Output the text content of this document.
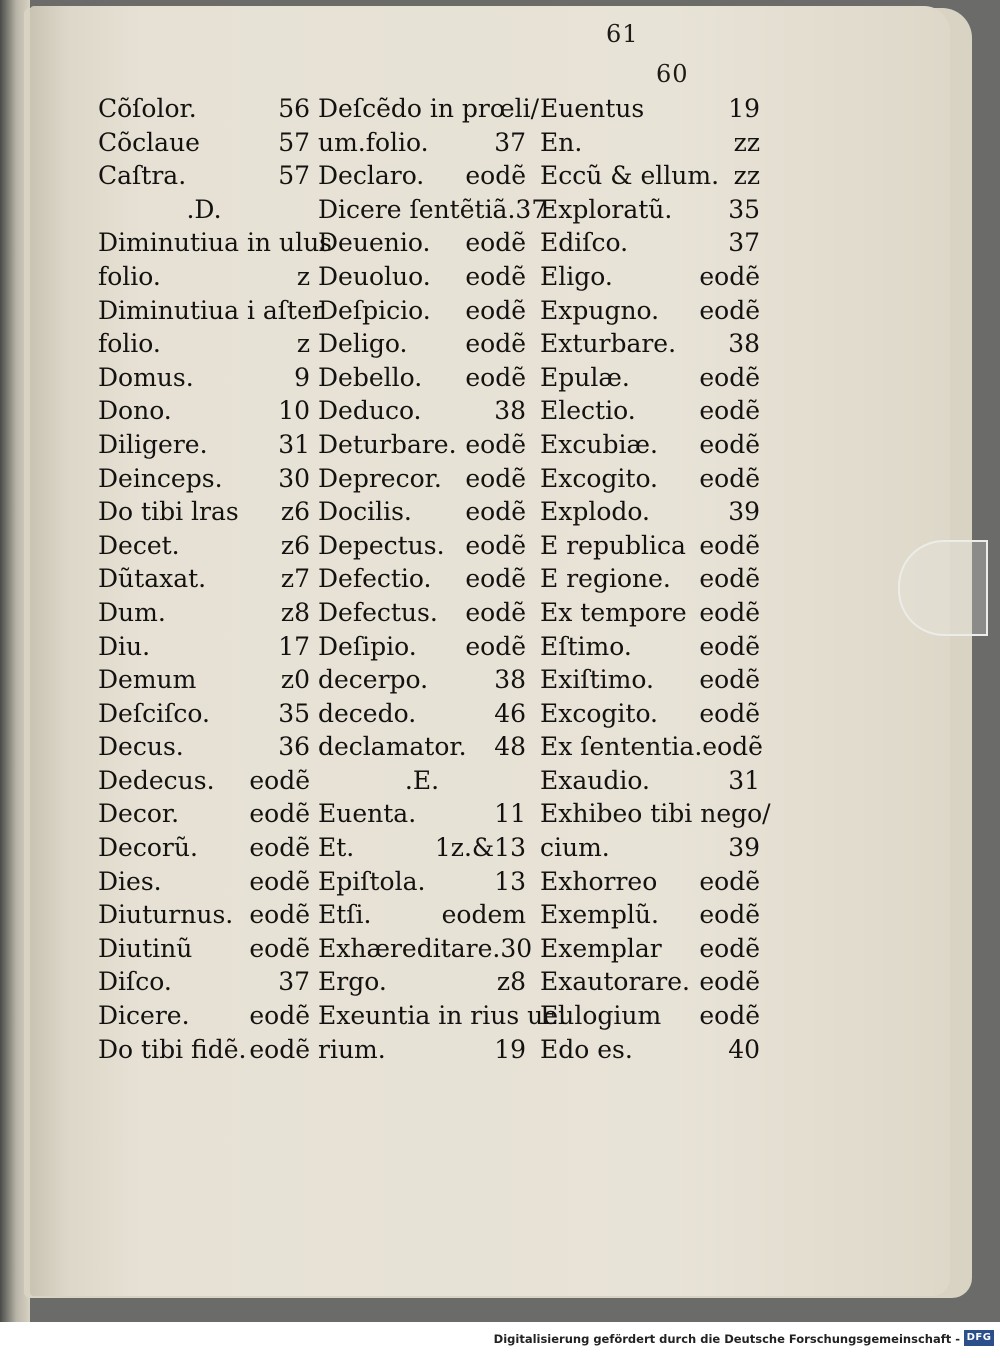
61
60
Cõſolor.	56
Cõclaue	57
Caſtra.	57
.D.
Diminutiua in ulus
folio.	z
Diminutiua i aſter
folio.	z
Domus.	9
Dono.	10
Diligere.	31
Deinceps. 30
Do tibi lras z6
Decet.	z6
Dũtaxat.	z7
Dum.	z8
Diu.	17
Demum	z0
Deſciſco.	35
Decus.	36
Dedecus. eodẽ
Decor.	eodẽ
Decorũ. eodẽ
Dies.	eodẽ
Diuturnus. eodẽ
Diutinũ eodẽ
Diſco.	37
Dicere. eodẽ
Do tibi fidẽ. eodẽ
Deſcẽdo in prœli/
um.folio.	37
Declaro. eodẽ
Dicere ſentẽtiã. 37
Deuenio. eodẽ
Deuoluo. eodẽ
Deſpicio. eodẽ
Deligo. eodẽ
Debello. eodẽ
Deduco.	38
Deturbare. eodẽ
Deprecor. eodẽ
Docilis. eodẽ
Depectus. eodẽ
Defectio. eodẽ
Defectus. eodẽ
Deſipio. eodẽ
decerpo.	38
decedo.	46
declamator. 48
.E.
Euenta.	11
Et.	1z.&13
Epiſtola.	13
Etſi.	eodem
Exhæreditare. 30
Ergo.	z8
Exeuntia in rius uel
rium.	19
Euentus	19
En.	zz
Eccũ & ellum. zz
Exploratũ. 35
Ediſco.	37
Eligo.	eodẽ
Expugno. eodẽ
Exturbare. 38
Epulæ.	eodẽ
Electio.	eodẽ
Excubiæ. eodẽ
Excogito. eodẽ
Explodo.	39
E republica eodẽ
E regione. eodẽ
Ex tempore eodẽ
Eſtimo.	eodẽ
Exiſtimo. eodẽ
Excogito. eodẽ
Ex ſententia. eodẽ
Exaudio.	31
Exhibeo tibi nego/
cium.	39
Exhorreo eodẽ
Exemplũ. eodẽ
Exemplar eodẽ
Exautorare. eodẽ
Eulogium eodẽ
Edo es.	40
Digitalisierung gefördert durch die Deutsche Forschungsgemeinschaft - DFG
